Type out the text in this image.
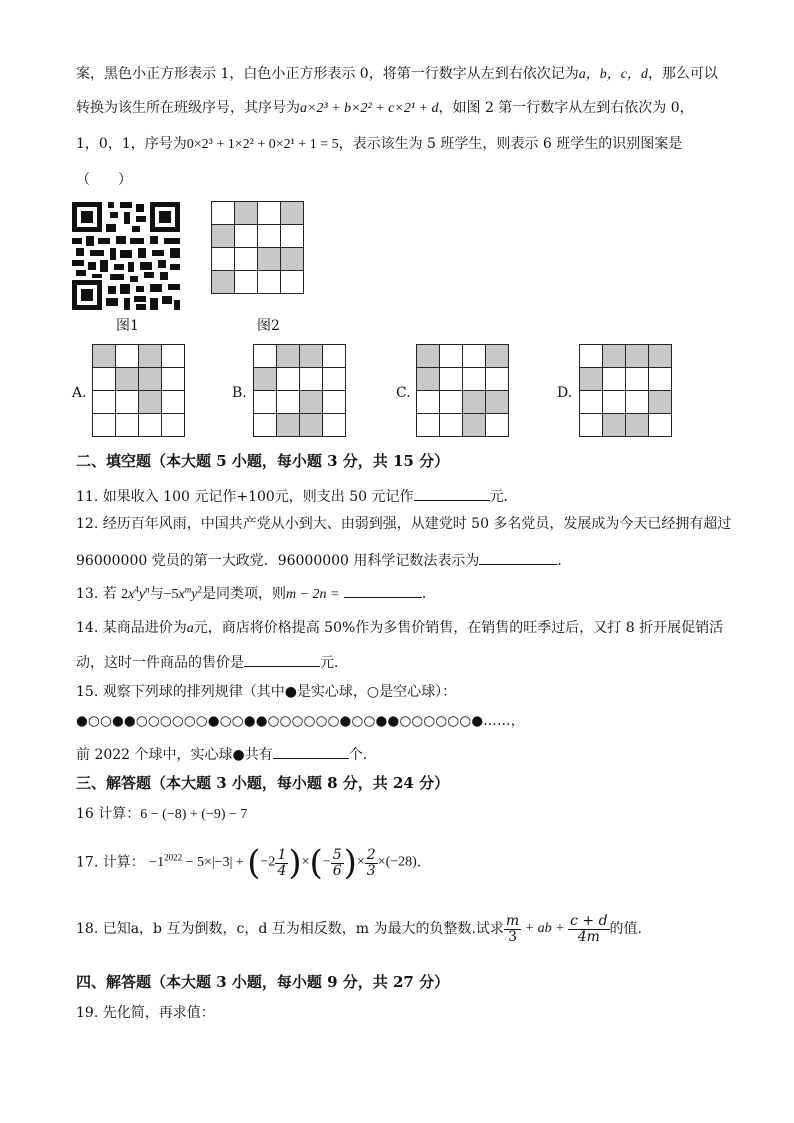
案，黑色小正方形表示 1，白色小正方形表示 0，将第一行数字从左到右依次记为a，b，c，d，那么可以
转换为该生所在班级序号，其序号为a×2³ + b×2² + c×2¹ + d，如图 2 第一行数字从左到右依次为 0，
1，0，1，序号为0×2³ + 1×2² + 0×2¹ + 1 = 5，表示该生为 5 班学生，则表示 6 班学生的识别图案是
（　　）
图1

				图2
A.

				B.

				C.

				D.

二、填空题（本大题 5 小题，每小题 3 分，共 15 分）
11. 如果收入 100 元记作+100元，则支出 50 元记作	元．
12. 经历百年风雨，中国共产党从小到大、由弱到强，从建党时 50 多名党员，发展成为今天已经拥有超过
96000000 党员的第一大政党．96000000 用科学记数法表示为	．
13. 若 $2x^4y^n$与$-5x^my^2$是同类项，则m − 2n =	．
14. 某商品进价为a元，商店将价格提高 50%作为多售价销售，在销售的旺季过后，又打 8 折开展促销活
动，这时一件商品的售价是	元．
15. 观察下列球的排列规律（其中●是实心球，○是空心球）：
●○○●●○○○○○○●○○●●○○○○○○●○○●●○○○○○○●……，
前 2022 个球中，实心球●共有	个．
三、解答题（本大题 3 小题，每小题 8 分，共 24 分）
16 计算：6 − (−8) + (−9) − 7
17. 计算： $-1^{2022} - 5\times|-3| + (-2 \frac{1}{4}$ )×(− $\frac{5}{6}$ )× $\frac{2}{3} \times(-28)$．
18. 已知a，b 互为倒数，c，d 互为相反数，m 为最大的负整数.试求 $\frac{m}{3}$ + ab + $\frac{c + d}{4m}$ 的值.
四、解答题（本大题 3 小题，每小题 9 分，共 27 分）
19. 先化简，再求值：
